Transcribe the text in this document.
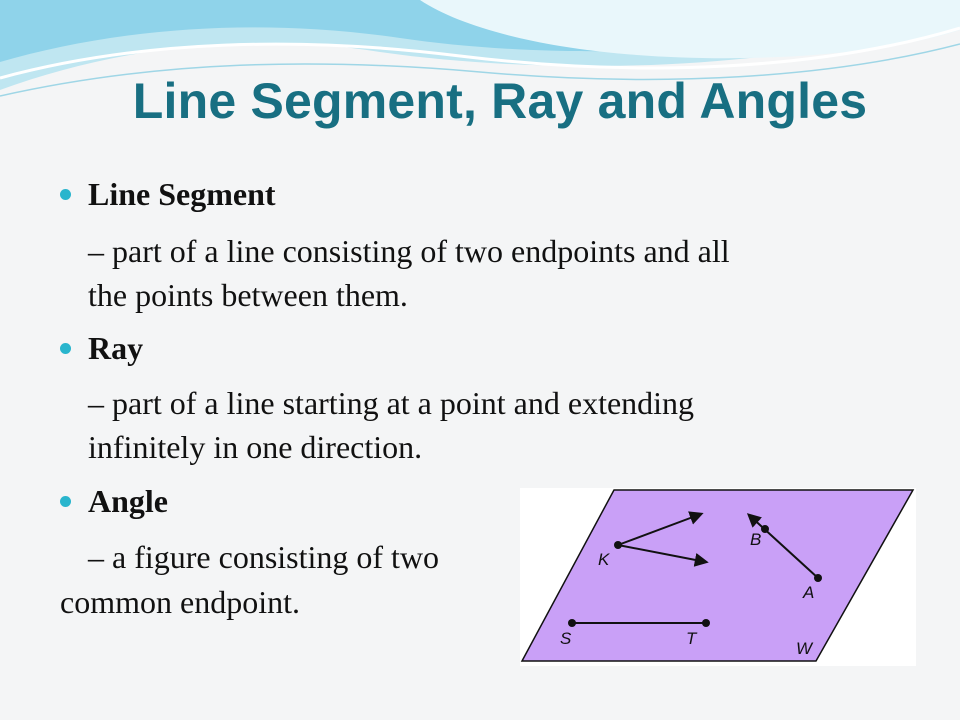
Line Segment, Ray and Angles
Line Segment

– part of a line consisting of two endpoints and all

the points between them.

Ray

– part of a line starting at a point and extending

infinitely in one direction.

Angle

– a figure consisting of two

common endpoint.

K
B
A
S	T
W
